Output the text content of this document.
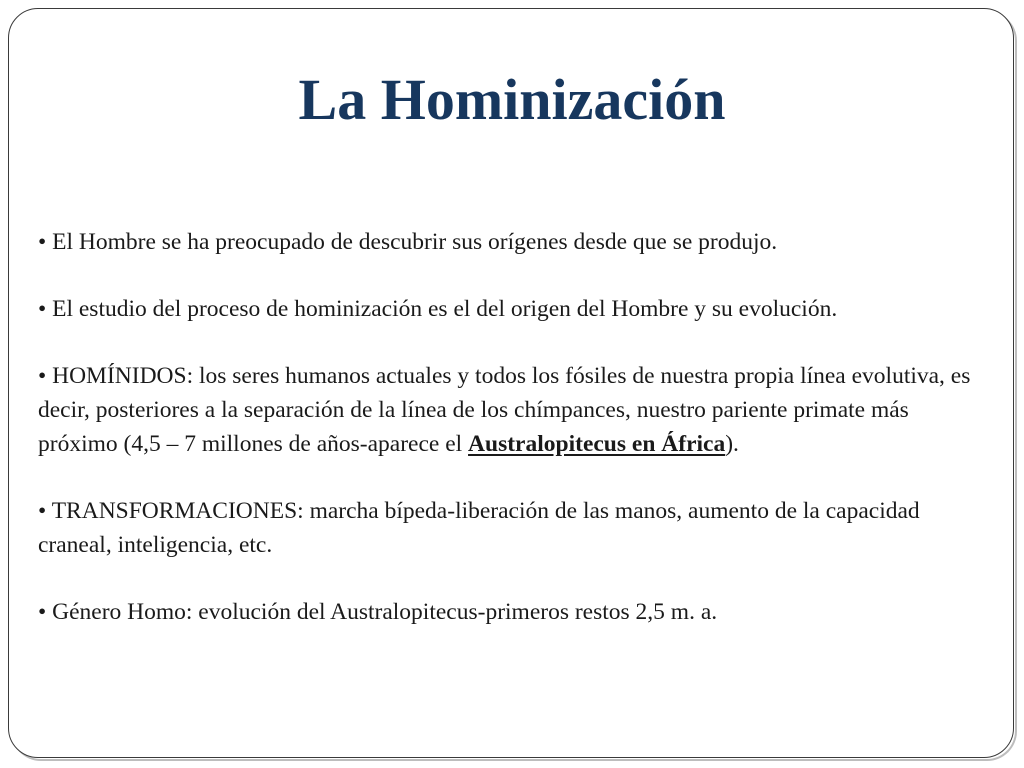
La Hominización

• El Hombre se ha preocupado de descubrir sus orígenes desde que se produjo.

• El estudio del proceso de hominización es el del origen del Hombre y su evolución.

• HOMÍNIDOS: los seres humanos actuales y todos los fósiles de nuestra propia línea evolutiva, es decir, posteriores a la separación de la línea de los chímpances, nuestro pariente primate más próximo (4,5 – 7 millones de años-aparece el Australopitecus en África).

• TRANSFORMACIONES: marcha bípeda-liberación de las manos, aumento de la capacidad craneal, inteligencia, etc.

• Género Homo: evolución del Australopitecus-primeros restos 2,5 m. a.
